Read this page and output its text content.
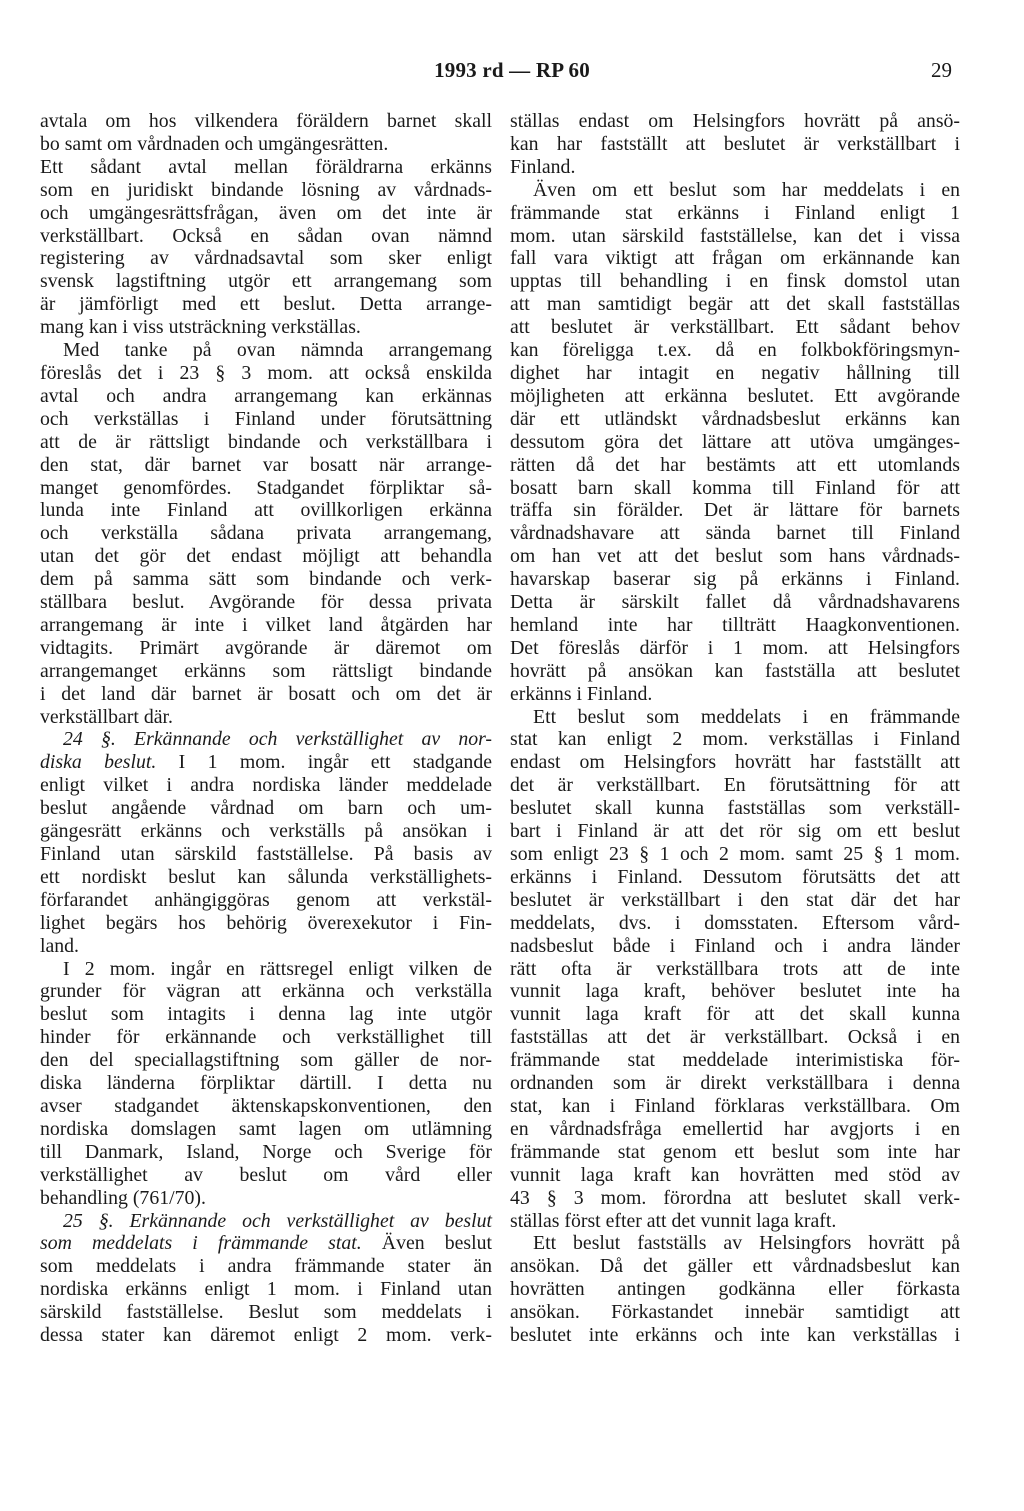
1993 rd — RP 60	29
avtala om hos vilkendera föräldern barnet skall
bo samt om vårdnaden och umgängesrätten.
Ett sådant avtal mellan föräldrarna erkänns
som en juridiskt bindande lösning av vårdnads-
och umgängesrättsfrågan, även om det inte är
verkställbart. Också en sådan ovan nämnd
registering av vårdnadsavtal som sker enligt
svensk lagstiftning utgör ett arrangemang som
är jämförligt med ett beslut. Detta arrange-
mang kan i viss utsträckning verkställas.
Med tanke på ovan nämnda arrangemang
föreslås det i 23 § 3 mom. att också enskilda
avtal och andra arrangemang kan erkännas
och verkställas i Finland under förutsättning
att de är rättsligt bindande och verkställbara i
den stat, där barnet var bosatt när arrange-
manget genomfördes. Stadgandet förpliktar så-
lunda inte Finland att ovillkorligen erkänna
och verkställa sådana privata arrangemang,
utan det gör det endast möjligt att behandla
dem på samma sätt som bindande och verk-
ställbara beslut. Avgörande för dessa privata
arrangemang är inte i vilket land åtgärden har
vidtagits. Primärt avgörande är däremot om
arrangemanget erkänns som rättsligt bindande
i det land där barnet är bosatt och om det är
verkställbart där.
24 §. Erkännande och verkställighet av nor-
diska beslut. I 1 mom. ingår ett stadgande
enligt vilket i andra nordiska länder meddelade
beslut angående vårdnad om barn och um-
gängesrätt erkänns och verkställs på ansökan i
Finland utan särskild fastställelse. På basis av
ett nordiskt beslut kan sålunda verkställighets-
förfarandet anhängiggöras genom att verkstäl-
lighet begärs hos behörig överexekutor i Fin-
land.
I 2 mom. ingår en rättsregel enligt vilken de
grunder för vägran att erkänna och verkställa
beslut som intagits i denna lag inte utgör
hinder för erkännande och verkställighet till
den del speciallagstiftning som gäller de nor-
diska länderna förpliktar därtill. I detta nu
avser stadgandet äktenskapskonventionen, den
nordiska domslagen samt lagen om utlämning
till Danmark, Island, Norge och Sverige för
verkställighet av beslut om vård eller
behandling (761/70).
25 §. Erkännande och verkställighet av beslut
som meddelats i främmande stat. Även beslut
som meddelats i andra främmande stater än
nordiska erkänns enligt 1 mom. i Finland utan
särskild fastställelse. Beslut som meddelats i
dessa stater kan däremot enligt 2 mom. verk-
ställas endast om Helsingfors hovrätt på ansö-
kan har fastställt att beslutet är verkställbart i
Finland.
Även om ett beslut som har meddelats i en
främmande stat erkänns i Finland enligt 1
mom. utan särskild fastställelse, kan det i vissa
fall vara viktigt att frågan om erkännande kan
upptas till behandling i en finsk domstol utan
att man samtidigt begär att det skall fastställas
att beslutet är verkställbart. Ett sådant behov
kan föreligga t.ex. då en folkbokföringsmyn-
dighet har intagit en negativ hållning till
möjligheten att erkänna beslutet. Ett avgörande
där ett utländskt vårdnadsbeslut erkänns kan
dessutom göra det lättare att utöva umgänges-
rätten då det har bestämts att ett utomlands
bosatt barn skall komma till Finland för att
träffa sin förälder. Det är lättare för barnets
vårdnadshavare att sända barnet till Finland
om han vet att det beslut som hans vårdnads-
havarskap baserar sig på erkänns i Finland.
Detta är särskilt fallet då vårdnadshavarens
hemland inte har tillträtt Haagkonventionen.
Det föreslås därför i 1 mom. att Helsingfors
hovrätt på ansökan kan fastställa att beslutet
erkänns i Finland.
Ett beslut som meddelats i en främmande
stat kan enligt 2 mom. verkställas i Finland
endast om Helsingfors hovrätt har fastställt att
det är verkställbart. En förutsättning för att
beslutet skall kunna fastställas som verkställ-
bart i Finland är att det rör sig om ett beslut
som enligt 23 § 1 och 2 mom. samt 25 § 1 mom.
erkänns i Finland. Dessutom förutsätts det att
beslutet är verkställbart i den stat där det har
meddelats, dvs. i domsstaten. Eftersom vård-
nadsbeslut både i Finland och i andra länder
rätt ofta är verkställbara trots att de inte
vunnit laga kraft, behöver beslutet inte ha
vunnit laga kraft för att det skall kunna
fastställas att det är verkställbart. Också i en
främmande stat meddelade interimistiska för-
ordnanden som är direkt verkställbara i denna
stat, kan i Finland förklaras verkställbara. Om
en vårdnadsfråga emellertid har avgjorts i en
främmande stat genom ett beslut som inte har
vunnit laga kraft kan hovrätten med stöd av
43 § 3 mom. förordna att beslutet skall verk-
ställas först efter att det vunnit laga kraft.
Ett beslut fastställs av Helsingfors hovrätt på
ansökan. Då det gäller ett vårdnadsbeslut kan
hovrätten antingen godkänna eller förkasta
ansökan. Förkastandet innebär samtidigt att
beslutet inte erkänns och inte kan verkställas i
